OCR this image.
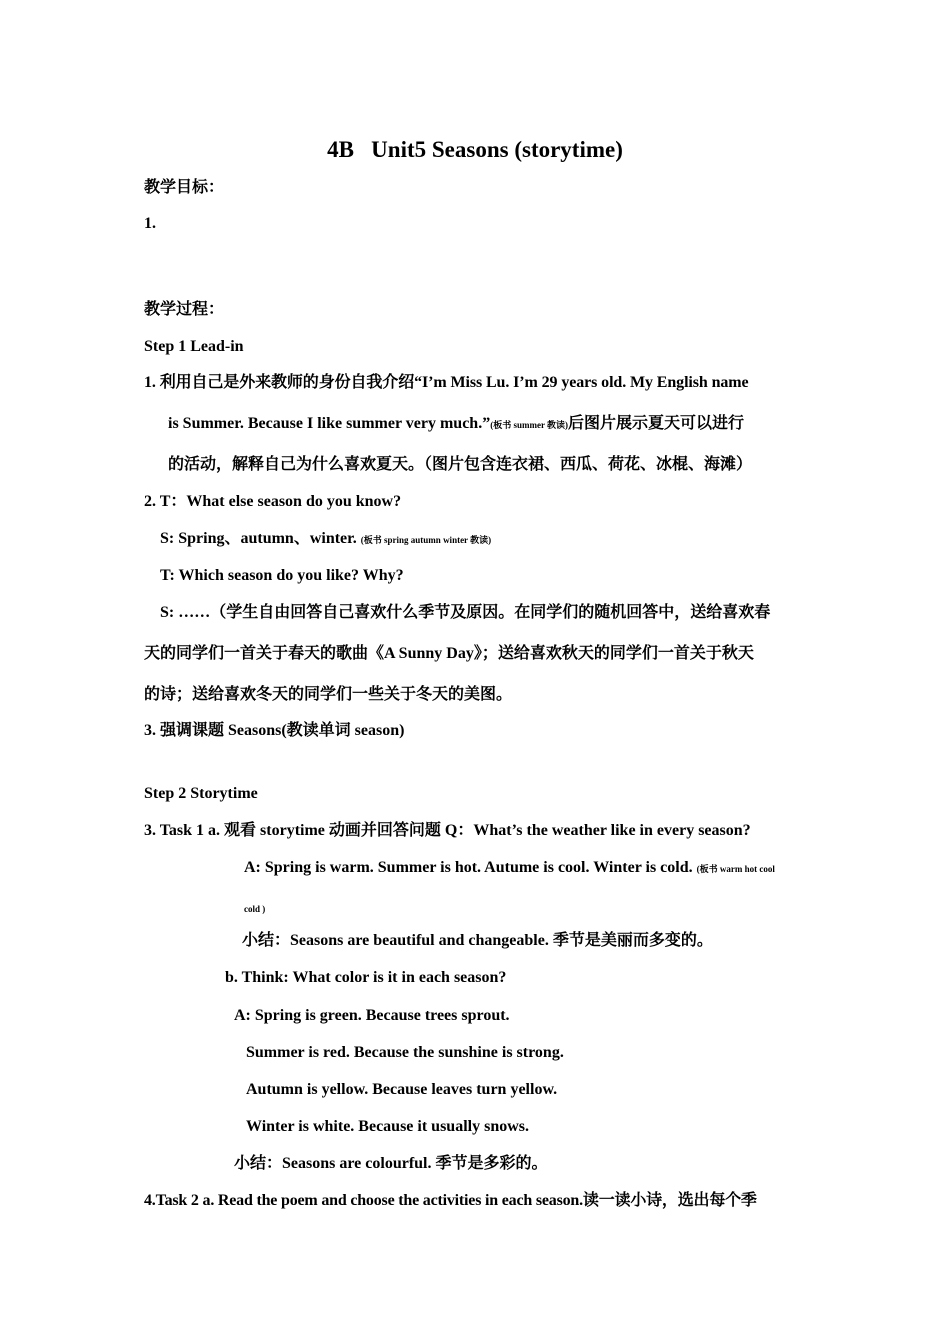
4B   Unit5 Seasons (storytime)

教学目标：

1.

教学过程：

Step 1 Lead-in

1. 利用自己是外来教师的身份自我介绍“I’m Miss Lu. I’m 29 years old. My English name

is Summer. Because I like summer very much.”(板书 summer 教读)后图片展示夏天可以进行

的活动，解释自己为什么喜欢夏天。（图片包含连衣裙、西瓜、荷花、冰棍、海滩）

2. T：What else season do you know?

S: Spring、autumn、winter. (板书 spring autumn winter 教读)

T: Which season do you like? Why?

S: ……（学生自由回答自己喜欢什么季节及原因。在同学们的随机回答中，送给喜欢春

天的同学们一首关于春天的歌曲《A Sunny Day》；送给喜欢秋天的同学们一首关于秋天

的诗；送给喜欢冬天的同学们一些关于冬天的美图。

3. 强调课题 Seasons(教读单词 season)

Step 2 Storytime

3. Task 1 a. 观看 storytime 动画并回答问题 Q：What’s the weather like in every season?

A: Spring is warm. Summer is hot. Autume is cool. Winter is cold. (板书 warm hot cool

cold )

小结：Seasons are beautiful and changeable. 季节是美丽而多变的。

b. Think: What color is it in each season?

A: Spring is green. Because trees sprout.

Summer is red. Because the sunshine is strong.

Autumn is yellow. Because leaves turn yellow.

Winter is white. Because it usually snows.

小结：Seasons are colourful. 季节是多彩的。

4.Task 2 a. Read the poem and choose the activities in each season.读一读小诗，选出每个季
